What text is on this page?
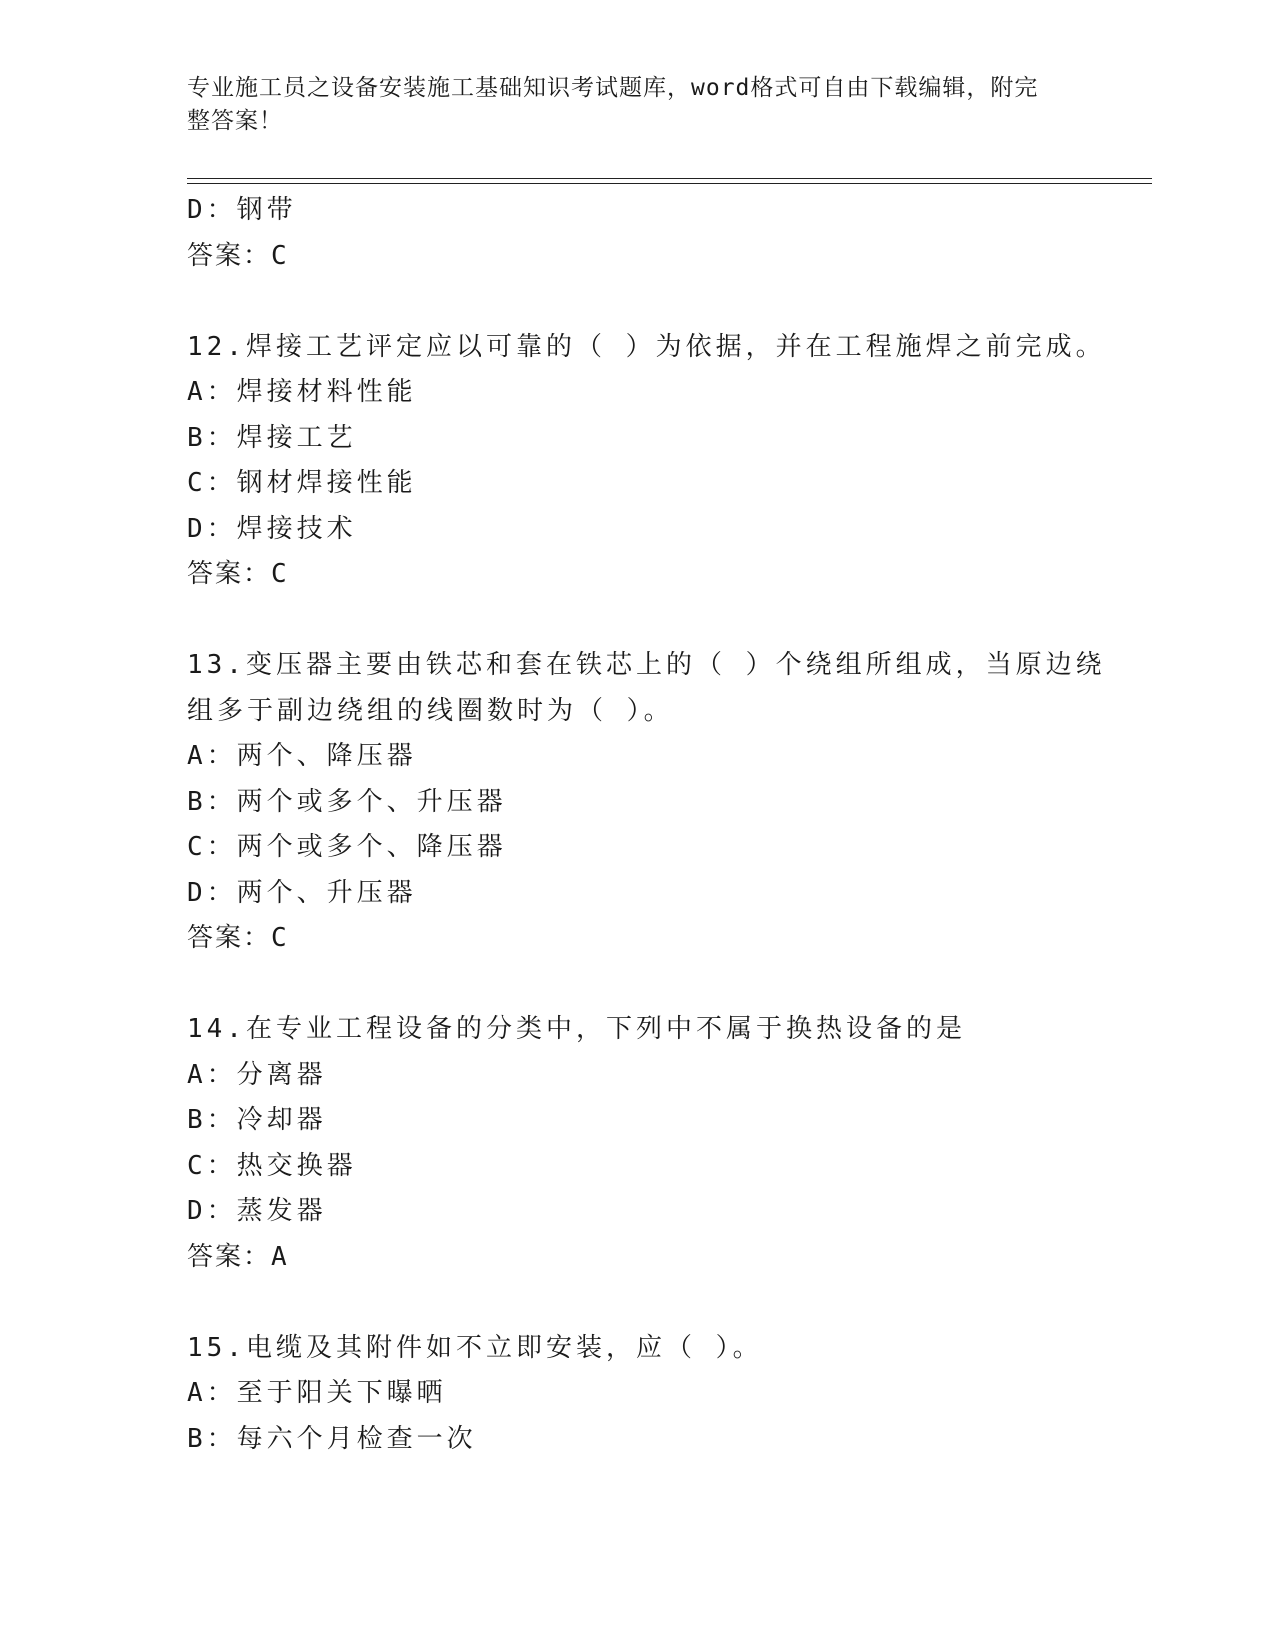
专业施工员之设备安装施工基础知识考试题库，word格式可自由下载编辑，附完
整答案！
D：钢带
答案：C
12.焊接工艺评定应以可靠的（ ）为依据，并在工程施焊之前完成。
A：焊接材料性能
B：焊接工艺
C：钢材焊接性能
D：焊接技术
答案：C
13.变压器主要由铁芯和套在铁芯上的（ ）个绕组所组成，当原边绕
组多于副边绕组的线圈数时为（ ）。
A：两个、降压器
B：两个或多个、升压器
C：两个或多个、降压器
D：两个、升压器
答案：C
14.在专业工程设备的分类中，下列中不属于换热设备的是
A：分离器
B：冷却器
C：热交换器
D：蒸发器
答案：A
15.电缆及其附件如不立即安装，应（ ）。
A：至于阳关下曝晒
B：每六个月检查一次
